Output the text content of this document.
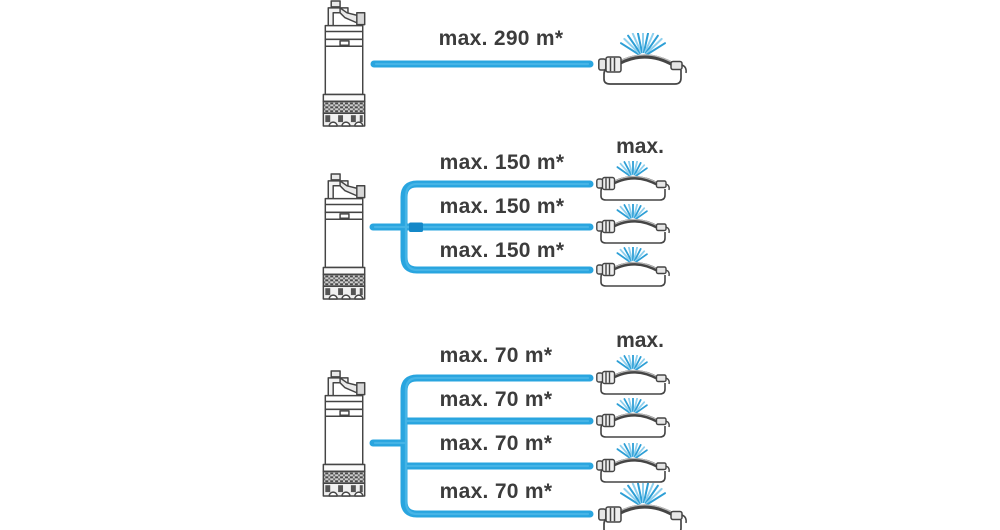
max. 290 m*
max. 150 m*
max. 150 m*
max. 150 m*
max. 70 m*
max. 70 m*
max. 70 m*
max. 70 m*
max.
max.
